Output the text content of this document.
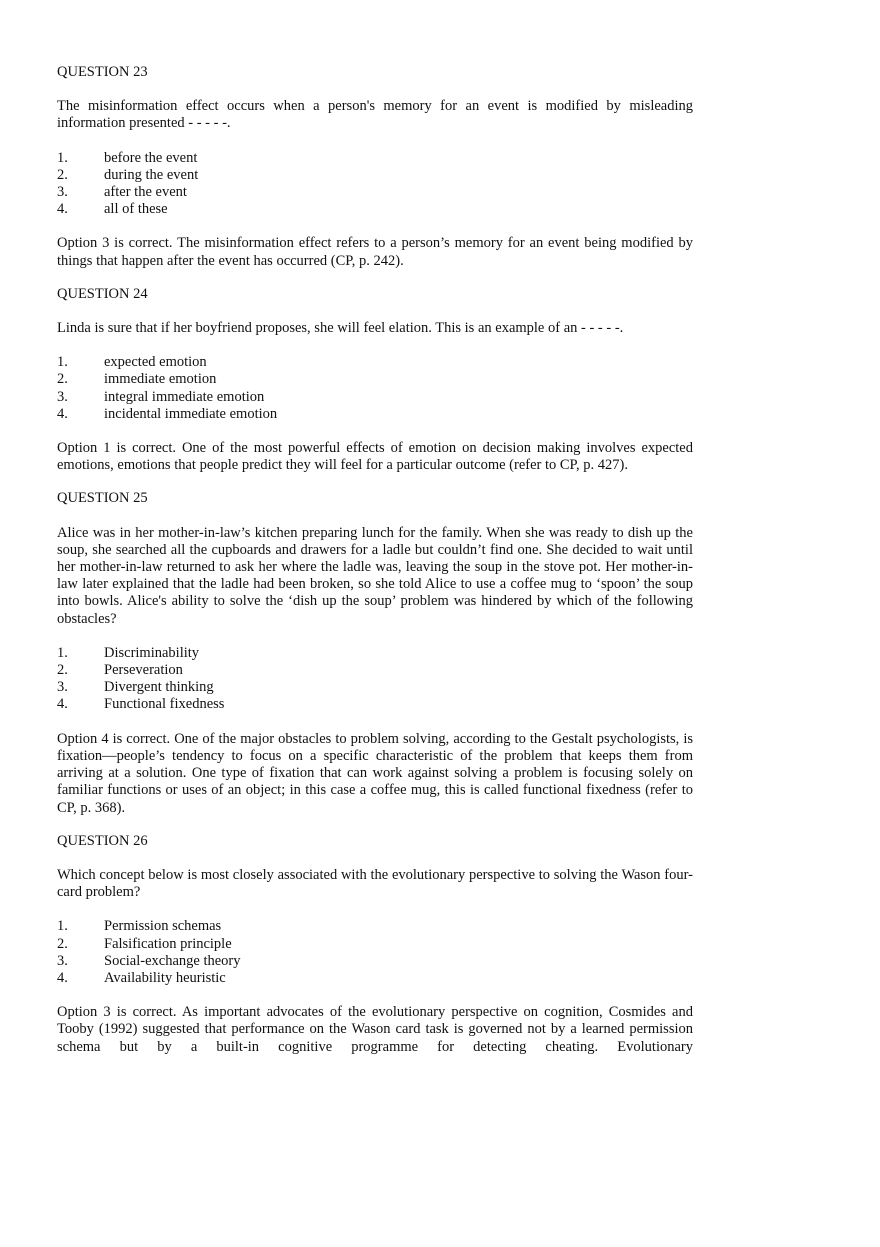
QUESTION 23

The misinformation effect occurs when a person's memory for an event is modified by misleading information presented - - - - -.

1.	before the event
2.	during the event
3.	after the event
4.	all of these

Option 3 is correct. The misinformation effect refers to a person’s memory for an event being modified by things that happen after the event has occurred (CP, p. 242).

QUESTION 24

Linda is sure that if her boyfriend proposes, she will feel elation. This is an example of an - - - - -.

1.	expected emotion
2.	immediate emotion
3.	integral immediate emotion
4.	incidental immediate emotion

Option 1 is correct. One of the most powerful effects of emotion on decision making involves expected emotions, emotions that people predict they will feel for a particular outcome (refer to CP, p. 427).

QUESTION 25

Alice was in her mother-in-law’s kitchen preparing lunch for the family. When she was ready to dish up the soup, she searched all the cupboards and drawers for a ladle but couldn’t find one. She decided to wait until her mother-in-law returned to ask her where the ladle was, leaving the soup in the stove pot. Her mother-in-law later explained that the ladle had been broken, so she told Alice to use a coffee mug to ‘spoon’ the soup into bowls. Alice's ability to solve the ‘dish up the soup’ problem was hindered by which of the following obstacles?

1.	Discriminability
2.	Perseveration
3.	Divergent thinking
4.	Functional fixedness

Option 4 is correct. One of the major obstacles to problem solving, according to the Gestalt psychologists, is fixation—people’s tendency to focus on a specific characteristic of the problem that keeps them from arriving at a solution. One type of fixation that can work against solving a problem is focusing solely on familiar functions or uses of an object; in this case a coffee mug, this is called functional fixedness (refer to CP, p. 368).

QUESTION 26

Which concept below is most closely associated with the evolutionary perspective to solving the Wason four-card problem?

1.	Permission schemas
2.	Falsification principle
3.	Social-exchange theory
4.	Availability heuristic

Option 3 is correct. As important advocates of the evolutionary perspective on cognition, Cosmides and Tooby (1992) suggested that performance on the Wason card task is governed not by a learned permission schema but by a built-in cognitive programme for detecting cheating. Evolutionary
